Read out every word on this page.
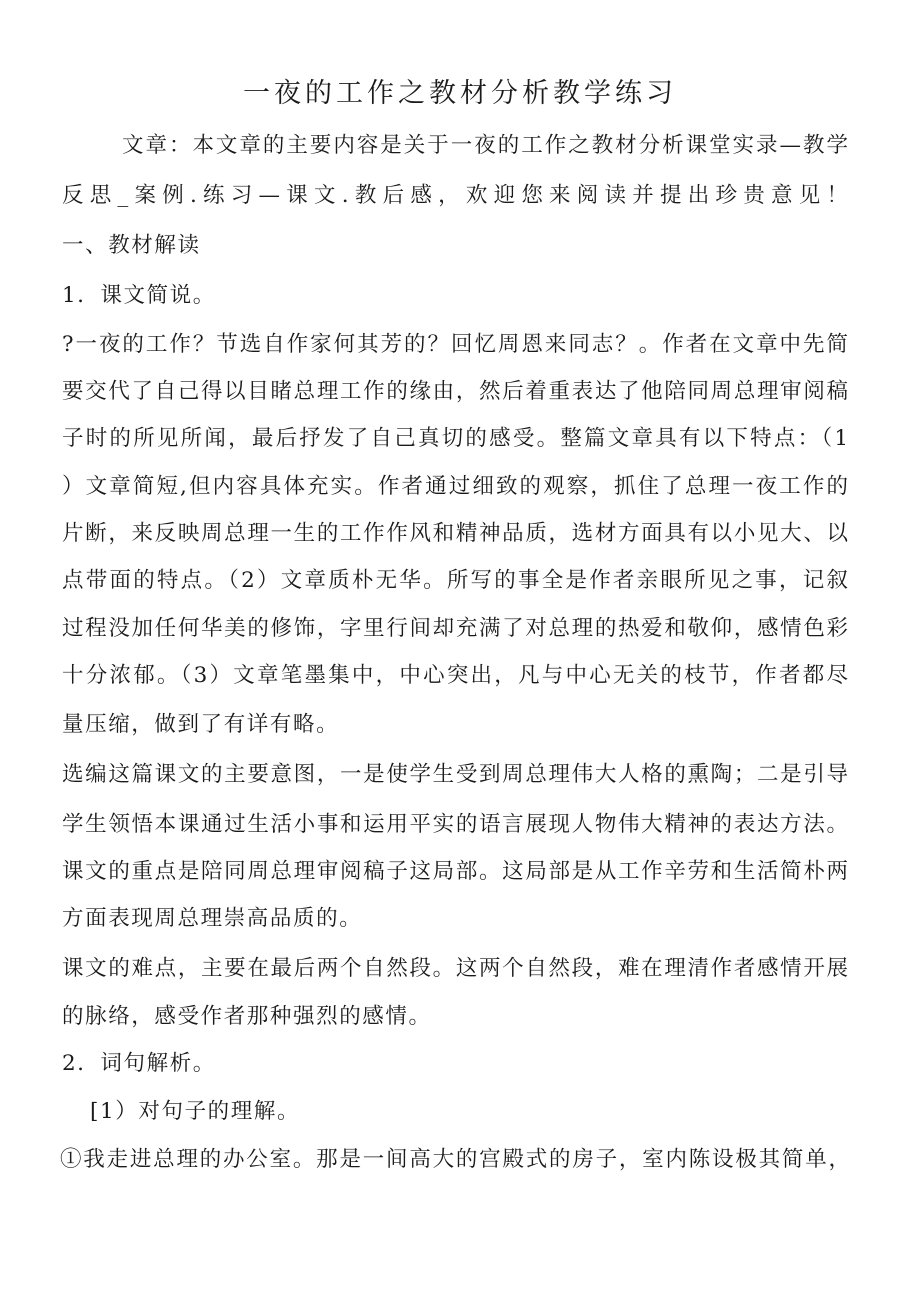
一夜的工作之教材分析教学练习
文章：本文章的主要内容是关于一夜的工作之教材分析课堂实录—教学
反思_案例.练习—课文.教后感，欢迎您来阅读并提出珍贵意见！
一、教材解读
1．课文简说。
?一夜的工作？节选自作家何其芳的？回忆周恩来同志？。作者在文章中先简
要交代了自己得以目睹总理工作的缘由，然后着重表达了他陪同周总理审阅稿
子时的所见所闻，最后抒发了自己真切的感受。整篇文章具有以下特点：（1
）文章简短,但内容具体充实。作者通过细致的观察，抓住了总理一夜工作的
片断，来反映周总理一生的工作作风和精神品质，选材方面具有以小见大、以
点带面的特点。（2）文章质朴无华。所写的事全是作者亲眼所见之事，记叙
过程没加任何华美的修饰，字里行间却充满了对总理的热爱和敬仰，感情色彩
十分浓郁。（3）文章笔墨集中，中心突出，凡与中心无关的枝节，作者都尽
量压缩，做到了有详有略。
选编这篇课文的主要意图，一是使学生受到周总理伟大人格的熏陶；二是引导
学生领悟本课通过生活小事和运用平实的语言展现人物伟大精神的表达方法。
课文的重点是陪同周总理审阅稿子这局部。这局部是从工作辛劳和生活简朴两
方面表现周总理崇高品质的。
课文的难点，主要在最后两个自然段。这两个自然段，难在理清作者感情开展
的脉络，感受作者那种强烈的感情。
2．词句解析。
[1）对句子的理解。
①我走进总理的办公室。那是一间高大的宫殿式的房子，室内陈设极其简单，
